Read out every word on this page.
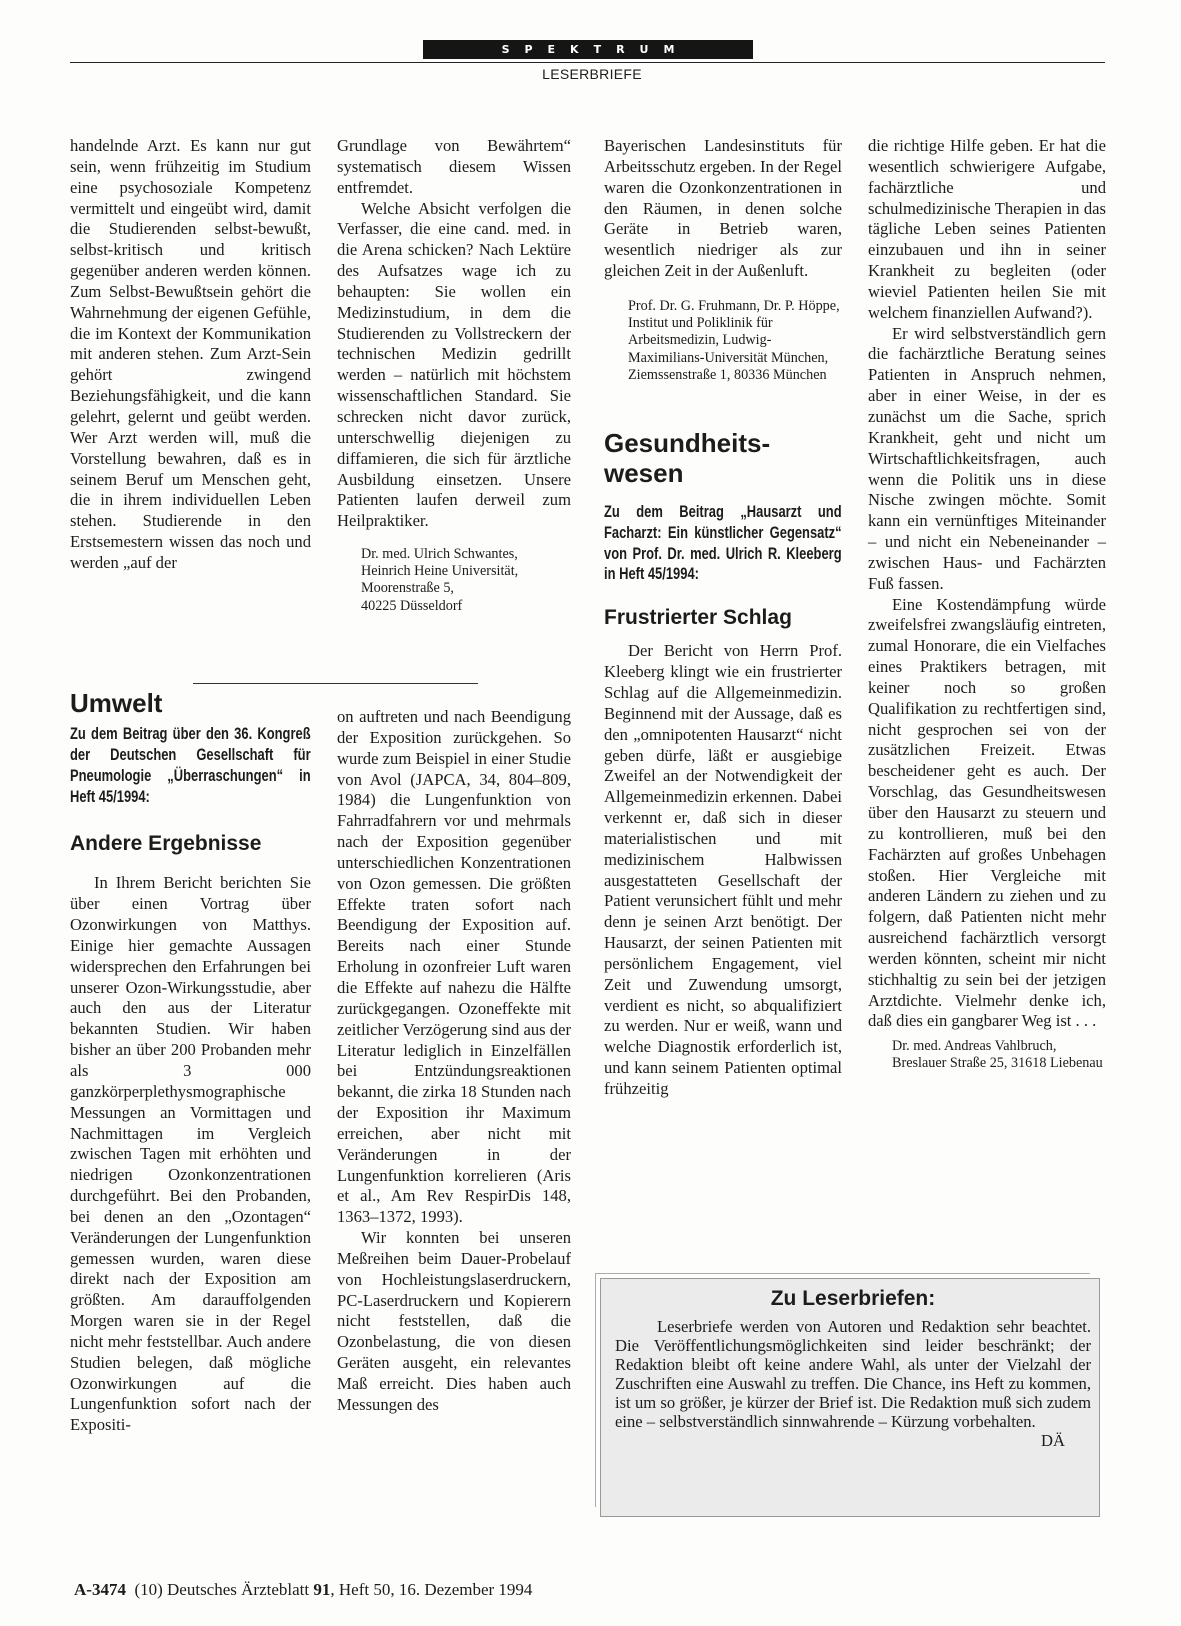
SPEKTRUM
LESERBRIEFE

handelnde Arzt. Es kann nur gut sein, wenn frühzeitig im Studium eine psychosoziale Kompetenz vermittelt und eingeübt wird, damit die Studierenden selbst-bewußt, selbst-kritisch und kritisch gegenüber anderen werden können. Zum Selbst-Bewußtsein gehört die Wahrnehmung der eigenen Gefühle, die im Kontext der Kommunikation mit anderen stehen. Zum Arzt-Sein gehört zwingend Beziehungsfähigkeit, und die kann gelehrt, gelernt und geübt werden. Wer Arzt werden will, muß die Vorstellung bewahren, daß es in seinem Beruf um Menschen geht, die in ihrem individuellen Leben stehen. Studierende in den Erstsemestern wissen das noch und werden „auf der

Grundlage von Bewährtem“ systematisch diesem Wissen entfremdet.

Welche Absicht verfolgen die Verfasser, die eine cand. med. in die Arena schicken? Nach Lektüre des Aufsatzes wage ich zu behaupten: Sie wollen ein Medizinstudium, in dem die Studierenden zu Vollstreckern der technischen Medizin gedrillt werden – natürlich mit höchstem wissenschaftlichen Standard. Sie schrecken nicht davor zurück, unterschwellig diejenigen zu diffamieren, die sich für ärztliche Ausbildung einsetzen. Unsere Patienten laufen derweil zum Heilpraktiker.

Dr. med. Ulrich Schwantes,

Heinrich Heine Universität,

Moorenstraße 5,

40225 Düsseldorf

Umwelt

Zu dem Beitrag über den 36. Kongreß der Deutschen Gesellschaft für Pneumologie „Überraschungen“ in Heft 45/1994:

Andere Ergebnisse

In Ihrem Bericht berichten Sie über einen Vortrag über Ozonwirkungen von Matthys. Einige hier gemachte Aussagen widersprechen den Erfahrungen bei unserer Ozon-Wirkungsstudie, aber auch den aus der Literatur bekannten Studien. Wir haben bisher an über 200 Probanden mehr als 3 000 ganzkörperplethysmographische Messungen an Vormittagen und Nachmittagen im Vergleich zwischen Tagen mit erhöhten und niedrigen Ozonkonzentrationen durchgeführt. Bei den Probanden, bei denen an den „Ozontagen“ Veränderungen der Lungenfunktion gemessen wurden, waren diese direkt nach der Exposition am größten. Am darauffolgenden Morgen waren sie in der Regel nicht mehr feststellbar. Auch andere Studien belegen, daß mögliche Ozonwirkungen auf die Lungenfunktion sofort nach der Expositi-

on auftreten und nach Beendigung der Exposition zurückgehen. So wurde zum Beispiel in einer Studie von Avol (JAPCA, 34, 804–809, 1984) die Lungenfunktion von Fahrradfahrern vor und mehrmals nach der Exposition gegenüber unterschiedlichen Konzentrationen von Ozon gemessen. Die größten Effekte traten sofort nach Beendigung der Exposition auf. Bereits nach einer Stunde Erholung in ozonfreier Luft waren die Effekte auf nahezu die Hälfte zurückgegangen. Ozoneffekte mit zeitlicher Verzögerung sind aus der Literatur lediglich in Einzelfällen bei Entzündungsreaktionen bekannt, die zirka 18 Stunden nach der Exposition ihr Maximum erreichen, aber nicht mit Veränderungen in der Lungenfunktion korrelieren (Aris et al., Am Rev RespirDis 148, 1363–1372, 1993).

Wir konnten bei unseren Meßreihen beim Dauer-Probelauf von Hochleistungslaserdruckern, PC-Laserdruckern und Kopierern nicht feststellen, daß die Ozonbelastung, die von diesen Geräten ausgeht, ein relevantes Maß erreicht. Dies haben auch Messungen des

Bayerischen Landesinstituts für Arbeitsschutz ergeben. In der Regel waren die Ozonkonzentrationen in den Räumen, in denen solche Geräte in Betrieb waren, wesentlich niedriger als zur gleichen Zeit in der Außenluft.

Prof. Dr. G. Fruhmann, Dr. P. Höppe, Institut und Poliklinik für Arbeitsmedizin, Ludwig-Maximilians-Universität München, Ziemssenstraße 1, 80336 München

Gesundheits-
wesen

Zu dem Beitrag „Hausarzt und Facharzt: Ein künstlicher Gegensatz“ von Prof. Dr. med. Ulrich R. Kleeberg in Heft 45/1994:

Frustrierter Schlag

Der Bericht von Herrn Prof. Kleeberg klingt wie ein frustrierter Schlag auf die Allgemeinmedizin. Beginnend mit der Aussage, daß es den „omnipotenten Hausarzt“ nicht geben dürfe, läßt er ausgiebige Zweifel an der Notwendigkeit der Allgemeinmedizin erkennen. Dabei verkennt er, daß sich in dieser materialistischen und mit medizinischem Halbwissen ausgestatteten Gesellschaft der Patient verunsichert fühlt und mehr denn je seinen Arzt benötigt. Der Hausarzt, der seinen Patienten mit persönlichem Engagement, viel Zeit und Zuwendung umsorgt, verdient es nicht, so abqualifiziert zu werden. Nur er weiß, wann und welche Diagnostik erforderlich ist, und kann seinem Patienten optimal frühzeitig

die richtige Hilfe geben. Er hat die wesentlich schwierigere Aufgabe, fachärztliche und schulmedizinische Therapien in das tägliche Leben seines Patienten einzubauen und ihn in seiner Krankheit zu begleiten (oder wieviel Patienten heilen Sie mit welchem finanziellen Aufwand?).

Er wird selbstverständlich gern die fachärztliche Beratung seines Patienten in Anspruch nehmen, aber in einer Weise, in der es zunächst um die Sache, sprich Krankheit, geht und nicht um Wirtschaftlichkeitsfragen, auch wenn die Politik uns in diese Nische zwingen möchte. Somit kann ein vernünftiges Miteinander – und nicht ein Nebeneinander – zwischen Haus- und Fachärzten Fuß fassen.

Eine Kostendämpfung würde zweifelsfrei zwangsläufig eintreten, zumal Honorare, die ein Vielfaches eines Praktikers betragen, mit keiner noch so großen Qualifikation zu rechtfertigen sind, nicht gesprochen sei von der zusätzlichen Freizeit. Etwas bescheidener geht es auch. Der Vorschlag, das Gesundheitswesen über den Hausarzt zu steuern und zu kontrollieren, muß bei den Fachärzten auf großes Unbehagen stoßen. Hier Vergleiche mit anderen Ländern zu ziehen und zu folgern, daß Patienten nicht mehr ausreichend fachärztlich versorgt werden könnten, scheint mir nicht stichhaltig zu sein bei der jetzigen Arztdichte. Vielmehr denke ich, daß dies ein gangbarer Weg ist . . .

Dr. med. Andreas Vahlbruch, Breslauer Straße 25, 31618 Liebenau

Zu Leserbriefen:

Leserbriefe werden von Autoren und Redaktion sehr beachtet. Die Veröffentlichungsmöglichkeiten sind leider beschränkt; der Redaktion bleibt oft keine andere Wahl, als unter der Vielzahl der Zuschriften eine Auswahl zu treffen. Die Chance, ins Heft zu kommen, ist um so größer, je kürzer der Brief ist. Die Redaktion muß sich zudem eine – selbstverständlich sinnwahrende – Kürzung vorbehalten.
DÄ

A-3474 (10) Deutsches Ärzteblatt 91, Heft 50, 16. Dezember 1994
